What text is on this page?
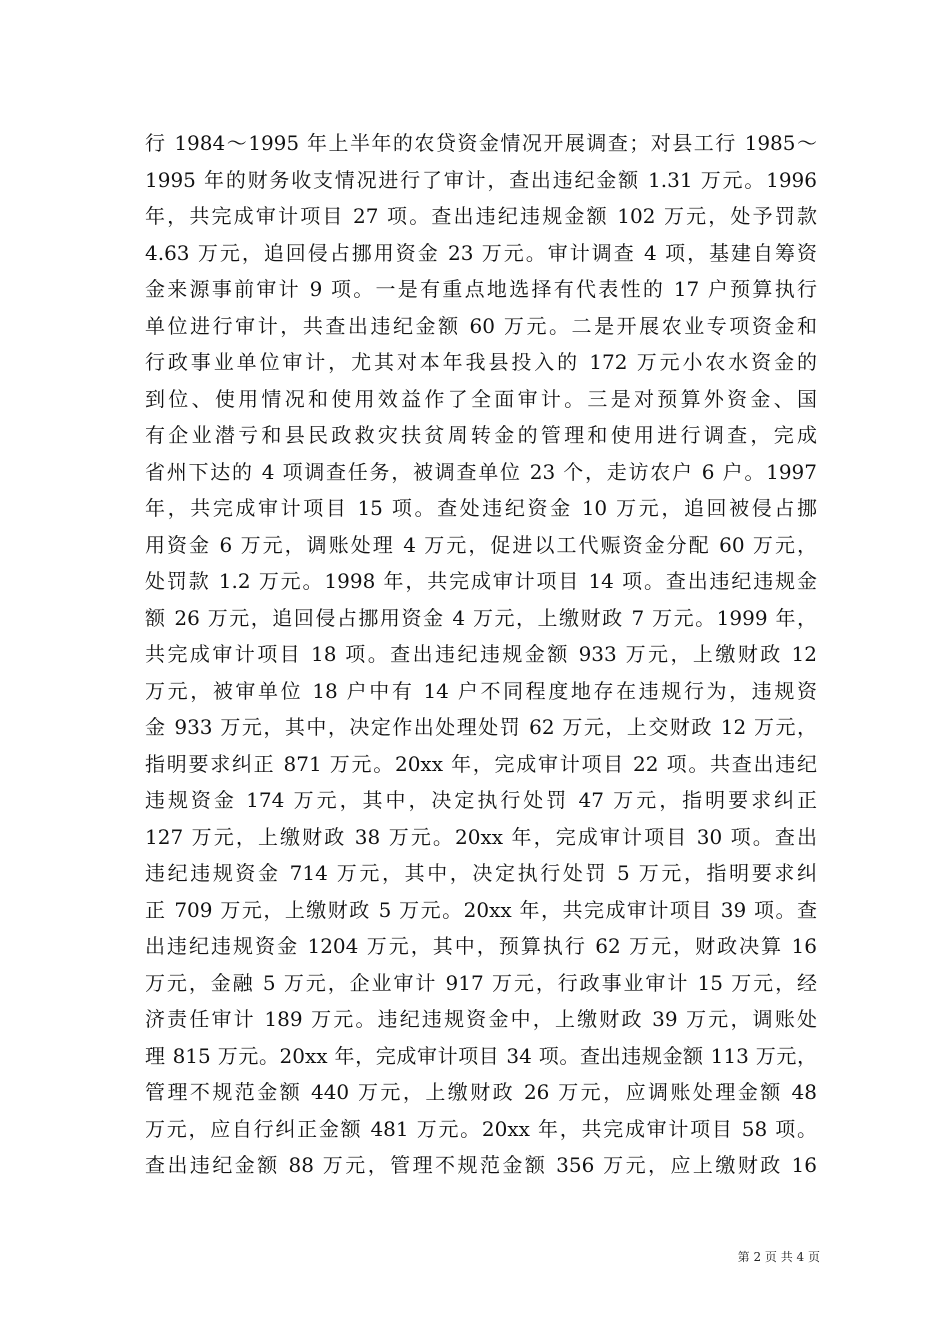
行 1984～1995 年上半年的农贷资金情况开展调查；对县工行 1985～
1995 年的财务收支情况进行了审计，查出违纪金额 1.31 万元。1996
年，共完成审计项目 27 项。查出违纪违规金额 102 万元，处予罚款
4.63 万元，追回侵占挪用资金 23 万元。审计调查 4 项，基建自筹资
金来源事前审计 9 项。一是有重点地选择有代表性的 17 户预算执行
单位进行审计，共查出违纪金额 60 万元。二是开展农业专项资金和
行政事业单位审计，尤其对本年我县投入的 172 万元小农水资金的
到位、使用情况和使用效益作了全面审计。三是对预算外资金、国
有企业潜亏和县民政救灾扶贫周转金的管理和使用进行调查，完成
省州下达的 4 项调查任务，被调查单位 23 个，走访农户 6 户。1997
年，共完成审计项目 15 项。查处违纪资金 10 万元，追回被侵占挪
用资金 6 万元，调账处理 4 万元，促进以工代赈资金分配 60 万元，
处罚款 1.2 万元。1998 年，共完成审计项目 14 项。查出违纪违规金
额 26 万元，追回侵占挪用资金 4 万元，上缴财政 7 万元。1999 年，
共完成审计项目 18 项。查出违纪违规金额 933 万元，上缴财政 12
万元，被审单位 18 户中有 14 户不同程度地存在违规行为，违规资
金 933 万元，其中，决定作出处理处罚 62 万元，上交财政 12 万元，
指明要求纠正 871 万元。20xx 年，完成审计项目 22 项。共查出违纪
违规资金 174 万元，其中，决定执行处罚 47 万元，指明要求纠正
127 万元，上缴财政 38 万元。20xx 年，完成审计项目 30 项。查出
违纪违规资金 714 万元，其中，决定执行处罚 5 万元，指明要求纠
正 709 万元，上缴财政 5 万元。20xx 年，共完成审计项目 39 项。查
出违纪违规资金 1204 万元，其中，预算执行 62 万元，财政决算 16
万元，金融 5 万元，企业审计 917 万元，行政事业审计 15 万元，经
济责任审计 189 万元。违纪违规资金中，上缴财政 39 万元，调账处
理 815 万元。20xx 年，完成审计项目 34 项。查出违规金额 113 万元，
管理不规范金额 440 万元，上缴财政 26 万元，应调账处理金额 48
万元，应自行纠正金额 481 万元。20xx 年，共完成审计项目 58 项。
查出违纪金额 88 万元，管理不规范金额 356 万元，应上缴财政 16
第 2 页 共 4 页
